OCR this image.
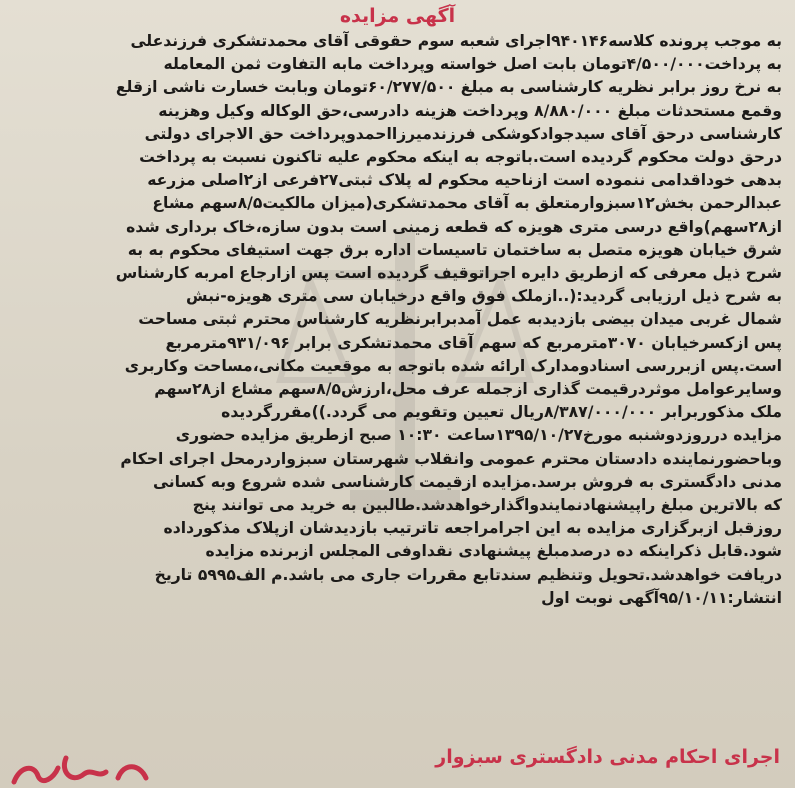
آگهی مزایده
به موجب پرونده کلاسه۹۴۰۱۴۶اجرای شعبه سوم حقوقی آقای محمدتشکری فرزندعلی
به پرداخت۴/۵۰۰/۰۰۰تومان بابت اصل خواسته وپرداخت مابه التفاوت ثمن المعامله
به نرخ روز برابر نظریه کارشناسی به مبلغ ۶۰/۲۷۷/۵۰۰تومان وبابت خسارت ناشی ازقلع
وقمع مستحدثات مبلغ ۸/۸۸۰/۰۰۰ وپرداخت هزینه دادرسی،حق الوکاله وکیل وهزینه
کارشناسی درحق آقای سیدجوادکوشکی فرزندمیرزااحمدوپرداخت حق الاجرای دولتی
درحق دولت محکوم گردیده است.باتوجه به اینکه محکوم علیه تاکنون نسبت به پرداخت
بدهی خوداقدامی ننموده است ازناحیه محکوم له پلاک ثبتی۲۷فرعی از۲اصلی مزرعه
عبدالرحمن بخش۱۲سبزوارمتعلق به آقای محمدتشکری(میزان مالکیت۸/۵سهم مشاع
از۲۸سهم)واقع درسی متری هویزه که قطعه زمینی است بدون سازه،خاک برداری شده
شرق خیابان هویزه متصل به ساختمان تاسیسات اداره برق جهت استیفای محکوم به به
شرح ذیل معرفی که ازطریق دایره اجراتوقیف گردیده است پس ازارجاع امربه کارشناس
به شرح ذیل ارزیابی گردید:(..ازملک فوق واقع درخیابان سی متری هویزه-نبش
شمال غربی میدان بیضی بازدیدبه عمل آمدبرابرنظریه کارشناس محترم ثبتی مساحت
پس ازکسرخیابان ۳۰۷۰مترمربع که سهم آقای محمدتشکری برابر ۹۳۱/۰۹۶مترمربع
است.پس ازبررسی اسنادومدارک ارائه شده باتوجه به موقعیت مکانی،مساحت وکاربری
وسایرعوامل موثردرقیمت گذاری ازجمله عرف محل،ارزش۸/۵سهم مشاع از۲۸سهم
ملک مذکوربرابر ۸/۳۸۷/۰۰۰/۰۰۰ریال تعیین وتقویم می گردد.))مقررگردیده
مزایده درروزدوشنبه مورخ۱۳۹۵/۱۰/۲۷ساعت ۱۰:۳۰ صبح ازطریق مزایده حضوری
وباحضورنماینده دادستان محترم عمومی وانقلاب شهرستان سبزواردرمحل اجرای احکام
مدنی دادگستری به فروش برسد.مزایده ازقیمت کارشناسی شده شروع وبه کسانی
که بالاترین مبلغ راپیشنهادنمایندواگذارخواهدشد.طالبین به خرید می توانند پنج
روزقبل ازبرگزاری مزایده به این اجرامراجعه تاترتیب بازدیدشان ازپلاک مذکورداده
شود.قابل ذکراینکه ده درصدمبلغ پیشنهادی نقداوفی المجلس ازبرنده مزایده
دریافت خواهدشد.تحویل وتنظیم سندتابع مقررات جاری می باشد.م الف۵۹۹۵ تاریخ
انتشار:۹۵/۱۰/۱۱آگهی نوبت اول
اجرای احکام مدنی دادگستری سبزوار
